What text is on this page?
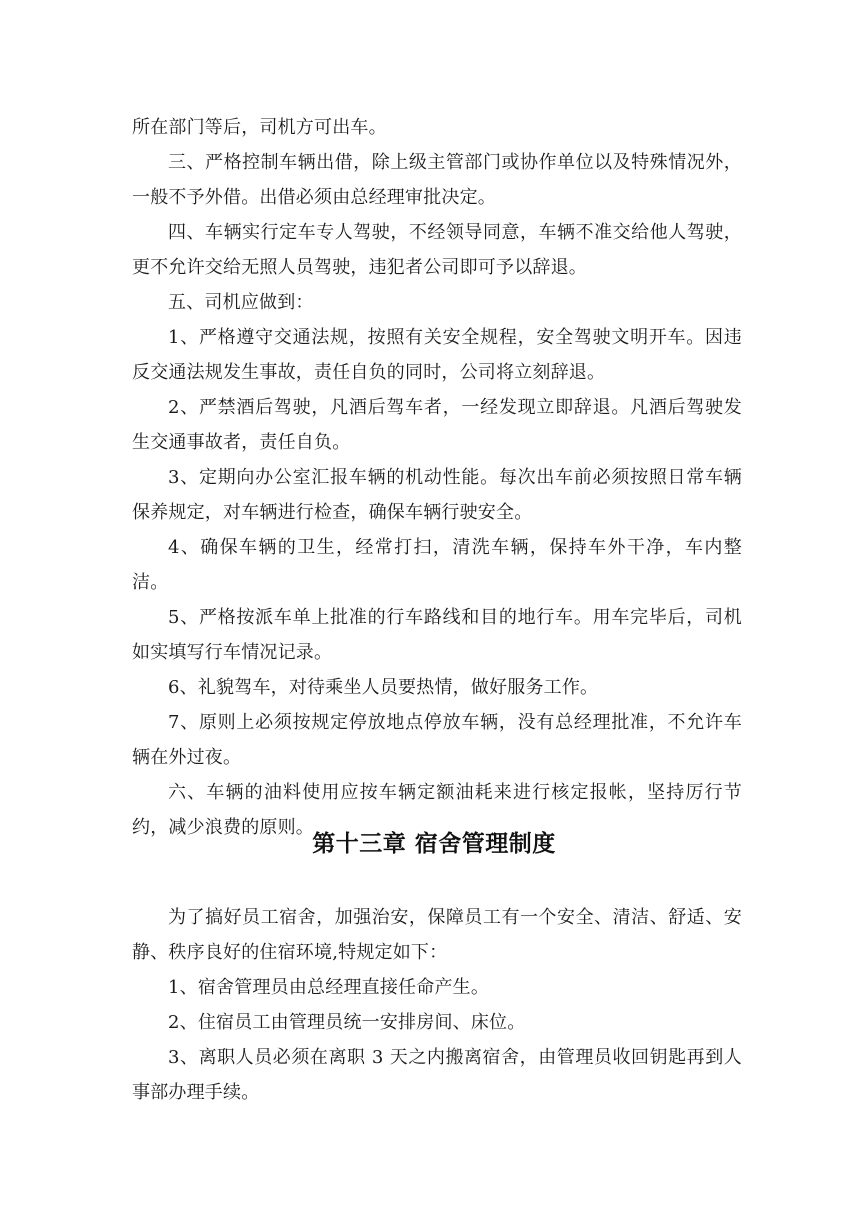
所在部门等后，司机方可出车。

三、严格控制车辆出借，除上级主管部门或协作单位以及特殊情况外，一般不予外借。出借必须由总经理审批决定。

四、车辆实行定车专人驾驶，不经领导同意，车辆不准交给他人驾驶，更不允许交给无照人员驾驶，违犯者公司即可予以辞退。

五、司机应做到：

1、严格遵守交通法规，按照有关安全规程，安全驾驶文明开车。因违反交通法规发生事故，责任自负的同时，公司将立刻辞退。

2、严禁酒后驾驶，凡酒后驾车者，一经发现立即辞退。凡酒后驾驶发生交通事故者，责任自负。

3、定期向办公室汇报车辆的机动性能。每次出车前必须按照日常车辆保养规定，对车辆进行检查，确保车辆行驶安全。

4、确保车辆的卫生，经常打扫，清洗车辆，保持车外干净，车内整洁。

5、严格按派车单上批准的行车路线和目的地行车。用车完毕后，司机如实填写行车情况记录。

6、礼貌驾车，对待乘坐人员要热情，做好服务工作。

7、原则上必须按规定停放地点停放车辆，没有总经理批准，不允许车辆在外过夜。

六、车辆的油料使用应按车辆定额油耗来进行核定报帐，坚持厉行节约，减少浪费的原则。

第十三章 宿舍管理制度

为了搞好员工宿舍，加强治安，保障员工有一个安全、清洁、舒适、安静、秩序良好的住宿环境,特规定如下：

1、宿舍管理员由总经理直接任命产生。

2、住宿员工由管理员统一安排房间、床位。

3、离职人员必须在离职 3 天之内搬离宿舍，由管理员收回钥匙再到人事部办理手续。
